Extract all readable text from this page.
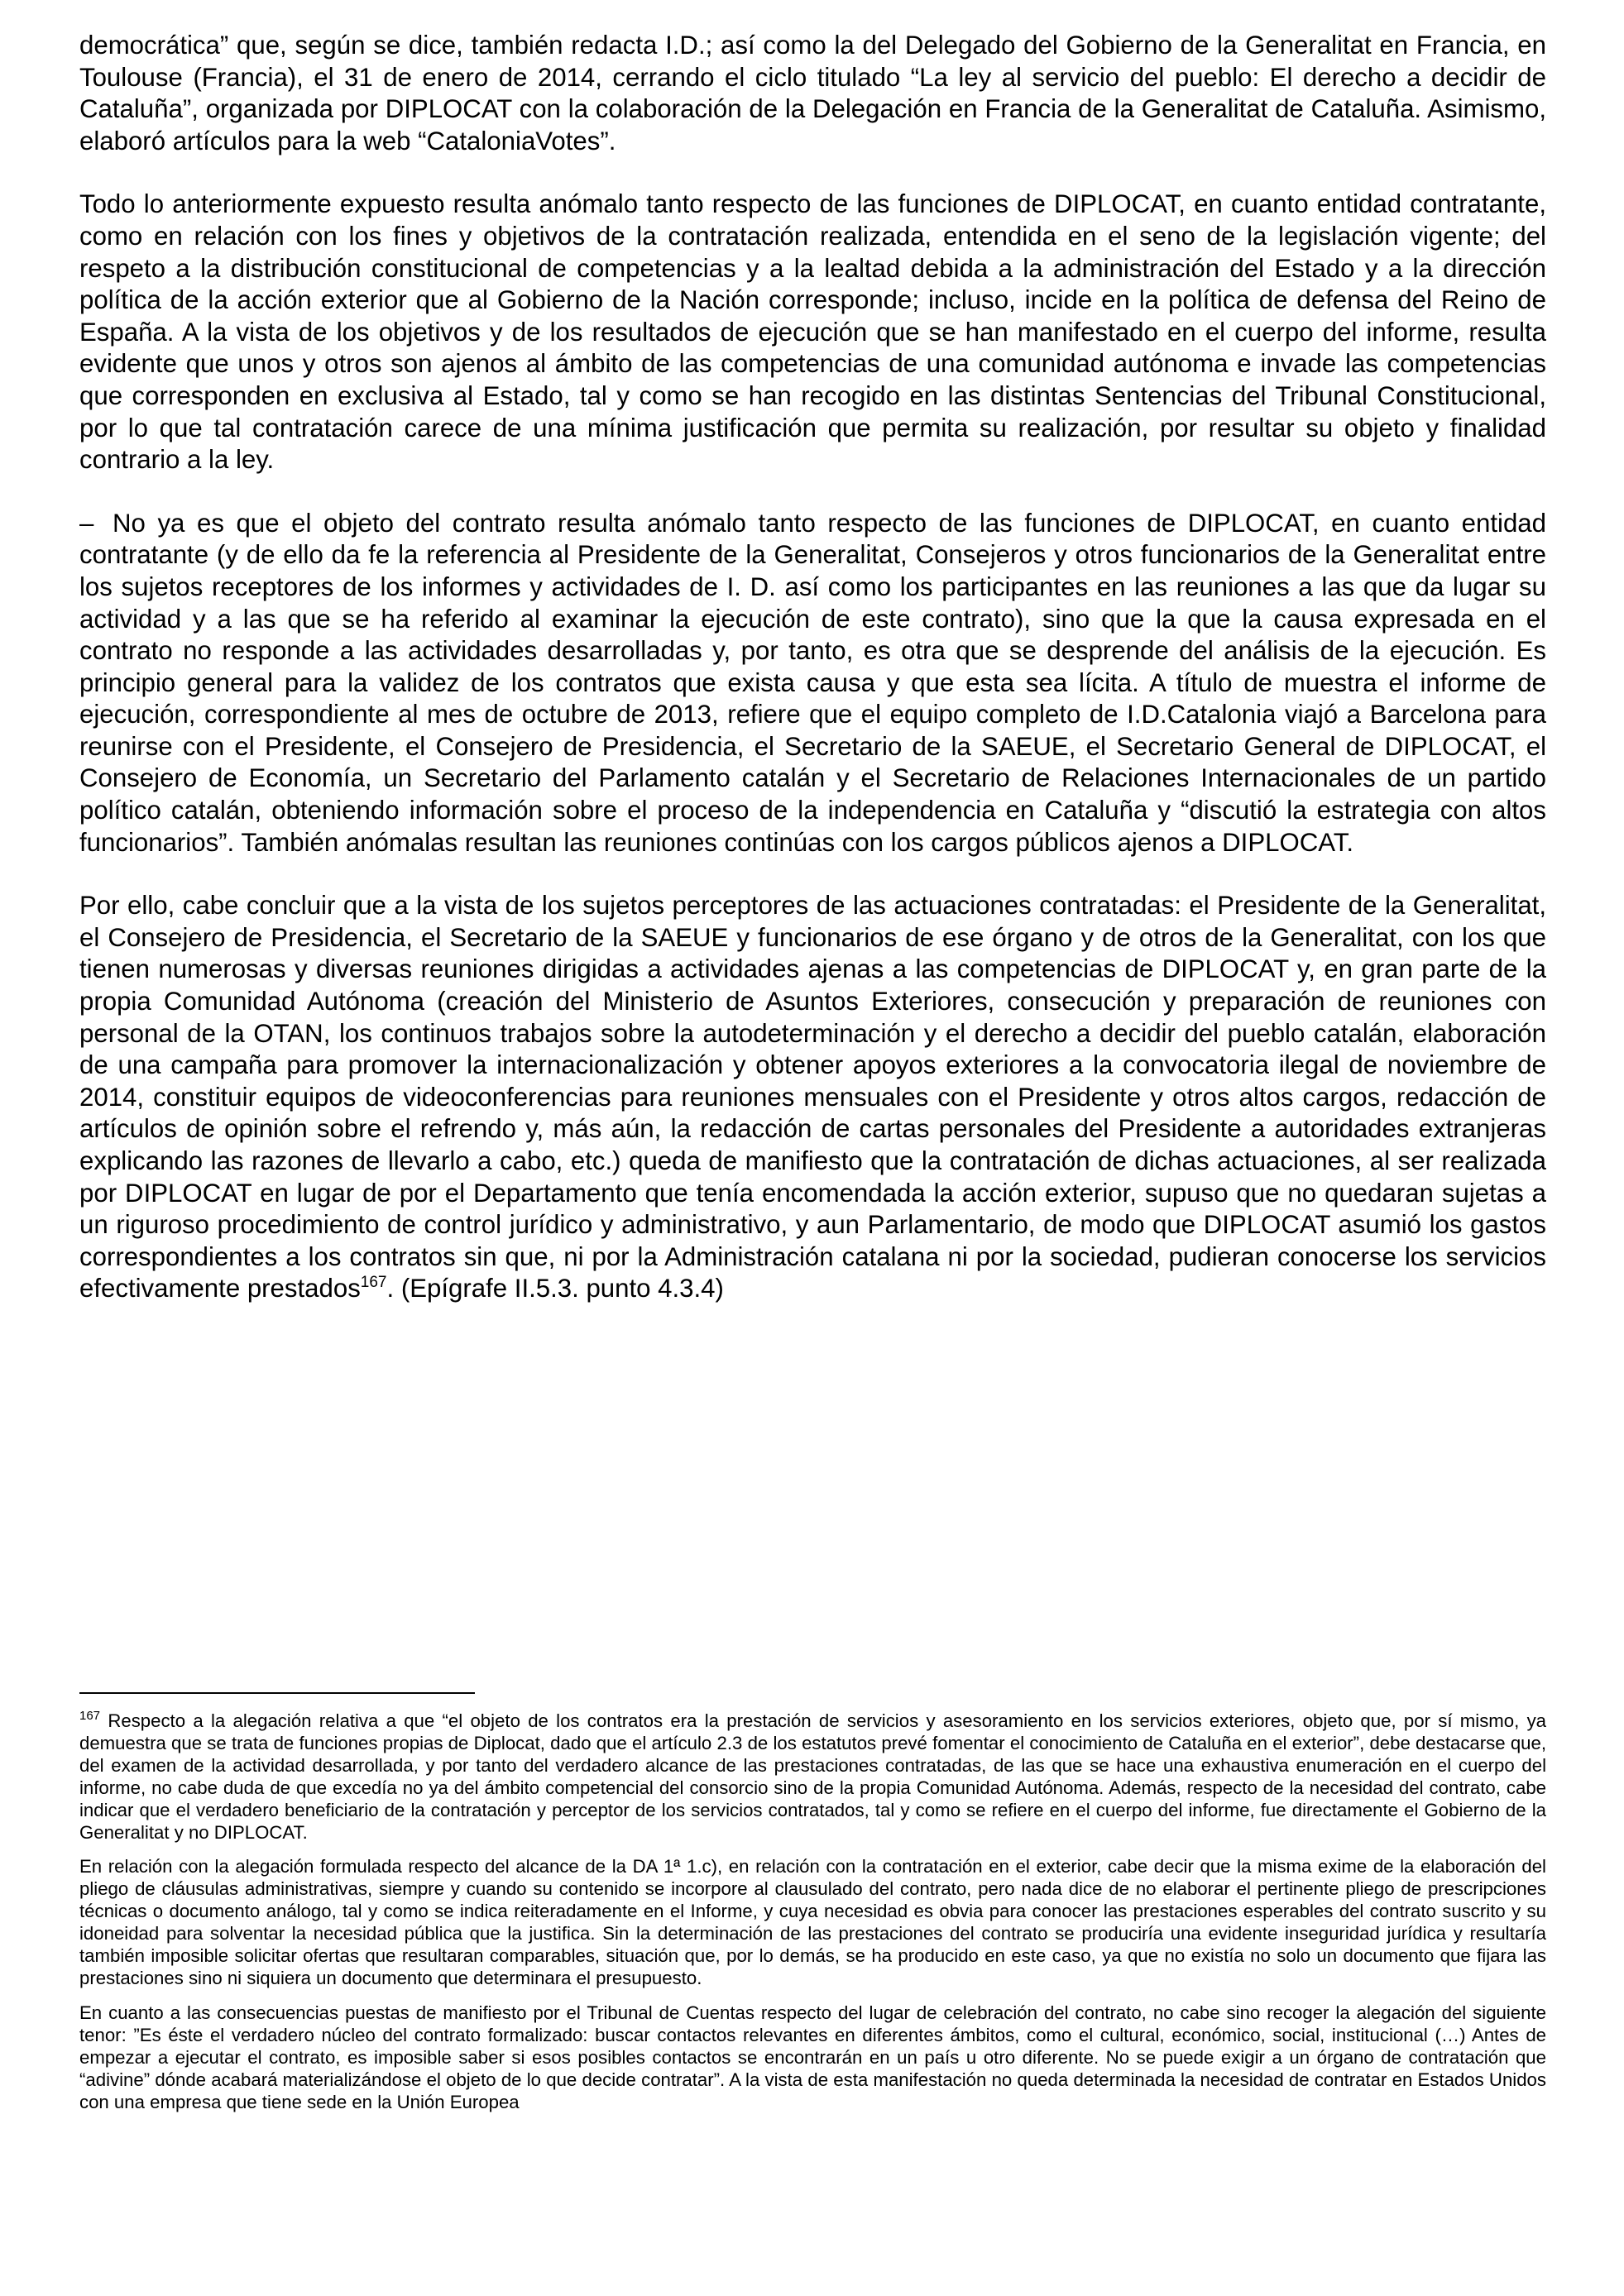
democrática” que, según se dice, también redacta I.D.; así como la del Delegado del Gobierno de la Generalitat en Francia, en Toulouse (Francia), el 31 de enero de 2014, cerrando el ciclo titulado “La ley al servicio del pueblo: El derecho a decidir de Cataluña”, organizada por DIPLOCAT con la colaboración de la Delegación en Francia de la Generalitat de Cataluña. Asimismo, elaboró artículos para la web “CataloniaVotes”.

Todo lo anteriormente expuesto resulta anómalo tanto respecto de las funciones de DIPLOCAT, en cuanto entidad contratante, como en relación con los fines y objetivos de la contratación realizada, entendida en el seno de la legislación vigente; del respeto a la distribución constitucional de competencias y a la lealtad debida a la administración del Estado y a la dirección política de la acción exterior que al Gobierno de la Nación corresponde; incluso, incide en la política de defensa del Reino de España. A la vista de los objetivos y de los resultados de ejecución que se han manifestado en el cuerpo del informe, resulta evidente que unos y otros son ajenos al ámbito de las competencias de una comunidad autónoma e invade las competencias que corresponden en exclusiva al Estado, tal y como se han recogido en las distintas Sentencias del Tribunal Constitucional, por lo que tal contratación carece de una mínima justificación que permita su realización, por resultar su objeto y finalidad contrario a la ley.

– No ya es que el objeto del contrato resulta anómalo tanto respecto de las funciones de DIPLOCAT, en cuanto entidad contratante (y de ello da fe la referencia al Presidente de la Generalitat, Consejeros y otros funcionarios de la Generalitat entre los sujetos receptores de los informes y actividades de I. D. así como los participantes en las reuniones a las que da lugar su actividad y a las que se ha referido al examinar la ejecución de este contrato), sino que la que la causa expresada en el contrato no responde a las actividades desarrolladas y, por tanto, es otra que se desprende del análisis de la ejecución. Es principio general para la validez de los contratos que exista causa y que esta sea lícita. A título de muestra el informe de ejecución, correspondiente al mes de octubre de 2013, refiere que el equipo completo de I.D.Catalonia viajó a Barcelona para reunirse con el Presidente, el Consejero de Presidencia, el Secretario de la SAEUE, el Secretario General de DIPLOCAT, el Consejero de Economía, un Secretario del Parlamento catalán y el Secretario de Relaciones Internacionales de un partido político catalán, obteniendo información sobre el proceso de la independencia en Cataluña y “discutió la estrategia con altos funcionarios”. También anómalas resultan las reuniones continúas con los cargos públicos ajenos a DIPLOCAT.

Por ello, cabe concluir que a la vista de los sujetos perceptores de las actuaciones contratadas: el Presidente de la Generalitat, el Consejero de Presidencia, el Secretario de la SAEUE y funcionarios de ese órgano y de otros de la Generalitat, con los que tienen numerosas y diversas reuniones dirigidas a actividades ajenas a las competencias de DIPLOCAT y, en gran parte de la propia Comunidad Autónoma (creación del Ministerio de Asuntos Exteriores, consecución y preparación de reuniones con personal de la OTAN, los continuos trabajos sobre la autodeterminación y el derecho a decidir del pueblo catalán, elaboración de una campaña para promover la internacionalización y obtener apoyos exteriores a la convocatoria ilegal de noviembre de 2014, constituir equipos de videoconferencias para reuniones mensuales con el Presidente y otros altos cargos, redacción de artículos de opinión sobre el refrendo y, más aún, la redacción de cartas personales del Presidente a autoridades extranjeras explicando las razones de llevarlo a cabo, etc.) queda de manifiesto que la contratación de dichas actuaciones, al ser realizada por DIPLOCAT en lugar de por el Departamento que tenía encomendada la acción exterior, supuso que no quedaran sujetas a un riguroso procedimiento de control jurídico y administrativo, y aun Parlamentario, de modo que DIPLOCAT asumió los gastos correspondientes a los contratos sin que, ni por la Administración catalana ni por la sociedad, pudieran conocerse los servicios efectivamente prestados$^{167}$. (Epígrafe II.5.3. punto 4.3.4)

$^{167}$ Respecto a la alegación relativa a que “el objeto de los contratos era la prestación de servicios y asesoramiento en los servicios exteriores, objeto que, por sí mismo, ya demuestra que se trata de funciones propias de Diplocat, dado que el artículo 2.3 de los estatutos prevé fomentar el conocimiento de Cataluña en el exterior”, debe destacarse que, del examen de la actividad desarrollada, y por tanto del verdadero alcance de las prestaciones contratadas, de las que se hace una exhaustiva enumeración en el cuerpo del informe, no cabe duda de que excedía no ya del ámbito competencial del consorcio sino de la propia Comunidad Autónoma. Además, respecto de la necesidad del contrato, cabe indicar que el verdadero beneficiario de la contratación y perceptor de los servicios contratados, tal y como se refiere en el cuerpo del informe, fue directamente el Gobierno de la Generalitat y no DIPLOCAT.

En relación con la alegación formulada respecto del alcance de la DA 1ª 1.c), en relación con la contratación en el exterior, cabe decir que la misma exime de la elaboración del pliego de cláusulas administrativas, siempre y cuando su contenido se incorpore al clausulado del contrato, pero nada dice de no elaborar el pertinente pliego de prescripciones técnicas o documento análogo, tal y como se indica reiteradamente en el Informe, y cuya necesidad es obvia para conocer las prestaciones esperables del contrato suscrito y su idoneidad para solventar la necesidad pública que la justifica. Sin la determinación de las prestaciones del contrato se produciría una evidente inseguridad jurídica y resultaría también imposible solicitar ofertas que resultaran comparables, situación que, por lo demás, se ha producido en este caso, ya que no existía no solo un documento que fijara las prestaciones sino ni siquiera un documento que determinara el presupuesto.

En cuanto a las consecuencias puestas de manifiesto por el Tribunal de Cuentas respecto del lugar de celebración del contrato, no cabe sino recoger la alegación del siguiente tenor: ”Es éste el verdadero núcleo del contrato formalizado: buscar contactos relevantes en diferentes ámbitos, como el cultural, económico, social, institucional (…) Antes de empezar a ejecutar el contrato, es imposible saber si esos posibles contactos se encontrarán en un país u otro diferente. No se puede exigir a un órgano de contratación que “adivine” dónde acabará materializándose el objeto de lo que decide contratar”. A la vista de esta manifestación no queda determinada la necesidad de contratar en Estados Unidos con una empresa que tiene sede en la Unión Europea
